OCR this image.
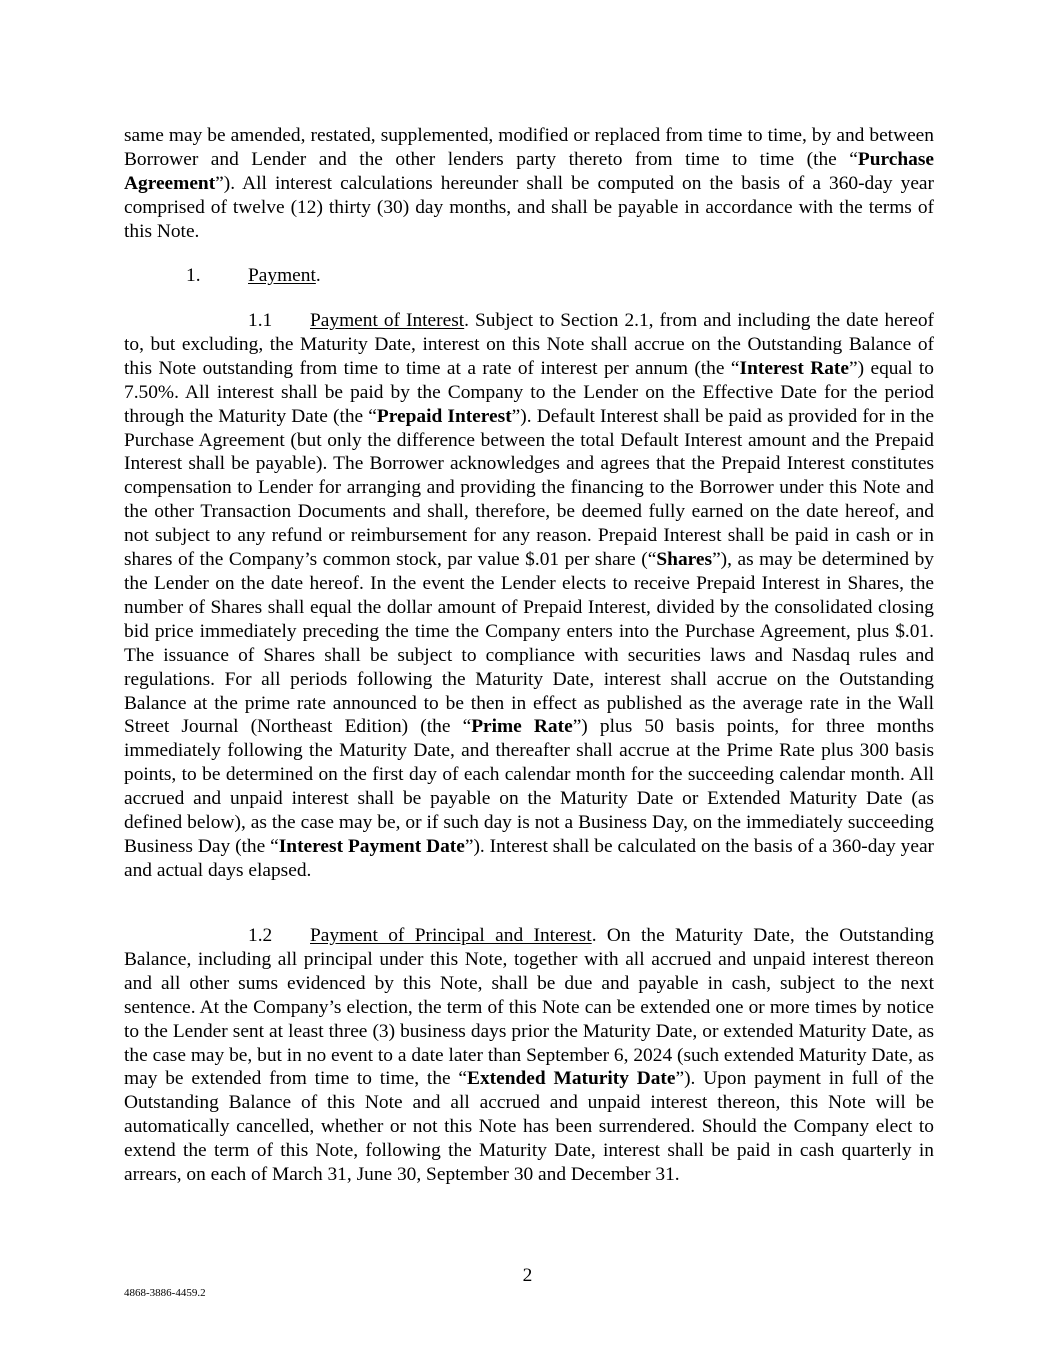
same may be amended, restated, supplemented, modified or replaced from time to time, by and between Borrower and Lender and the other lenders party thereto from time to time (the “Purchase Agreement”). All interest calculations hereunder shall be computed on the basis of a 360-day year comprised of twelve (12) thirty (30) day months, and shall be payable in accordance with the terms of this Note.

1. Payment.

1.1 Payment of Interest. Subject to Section 2.1, from and including the date hereof to, but excluding, the Maturity Date, interest on this Note shall accrue on the Outstanding Balance of this Note outstanding from time to time at a rate of interest per annum (the “Interest Rate”) equal to 7.50%. All interest shall be paid by the Company to the Lender on the Effective Date for the period through the Maturity Date (the “Prepaid Interest”). Default Interest shall be paid as provided for in the Purchase Agreement (but only the difference between the total Default Interest amount and the Prepaid Interest shall be payable). The Borrower acknowledges and agrees that the Prepaid Interest constitutes compensation to Lender for arranging and providing the financing to the Borrower under this Note and the other Transaction Documents and shall, therefore, be deemed fully earned on the date hereof, and not subject to any refund or reimbursement for any reason. Prepaid Interest shall be paid in cash or in shares of the Company’s common stock, par value $.01 per share (“Shares”), as may be determined by the Lender on the date hereof. In the event the Lender elects to receive Prepaid Interest in Shares, the number of Shares shall equal the dollar amount of Prepaid Interest, divided by the consolidated closing bid price immediately preceding the time the Company enters into the Purchase Agreement, plus $.01. The issuance of Shares shall be subject to compliance with securities laws and Nasdaq rules and regulations. For all periods following the Maturity Date, interest shall accrue on the Outstanding Balance at the prime rate announced to be then in effect as published as the average rate in the Wall Street Journal (Northeast Edition) (the “Prime Rate”) plus 50 basis points, for three months immediately following the Maturity Date, and thereafter shall accrue at the Prime Rate plus 300 basis points, to be determined on the first day of each calendar month for the succeeding calendar month. All accrued and unpaid interest shall be payable on the Maturity Date or Extended Maturity Date (as defined below), as the case may be, or if such day is not a Business Day, on the immediately succeeding Business Day (the “Interest Payment Date”). Interest shall be calculated on the basis of a 360-day year and actual days elapsed.

1.2 Payment of Principal and Interest. On the Maturity Date, the Outstanding Balance, including all principal under this Note, together with all accrued and unpaid interest thereon and all other sums evidenced by this Note, shall be due and payable in cash, subject to the next sentence. At the Company’s election, the term of this Note can be extended one or more times by notice to the Lender sent at least three (3) business days prior the Maturity Date, or extended Maturity Date, as the case may be, but in no event to a date later than September 6, 2024 (such extended Maturity Date, as may be extended from time to time, the “Extended Maturity Date”). Upon payment in full of the Outstanding Balance of this Note and all accrued and unpaid interest thereon, this Note will be automatically cancelled, whether or not this Note has been surrendered. Should the Company elect to extend the term of this Note, following the Maturity Date, interest shall be paid in cash quarterly in arrears, on each of March 31, June 30, September 30 and December 31.

2
4868-3886-4459.2
